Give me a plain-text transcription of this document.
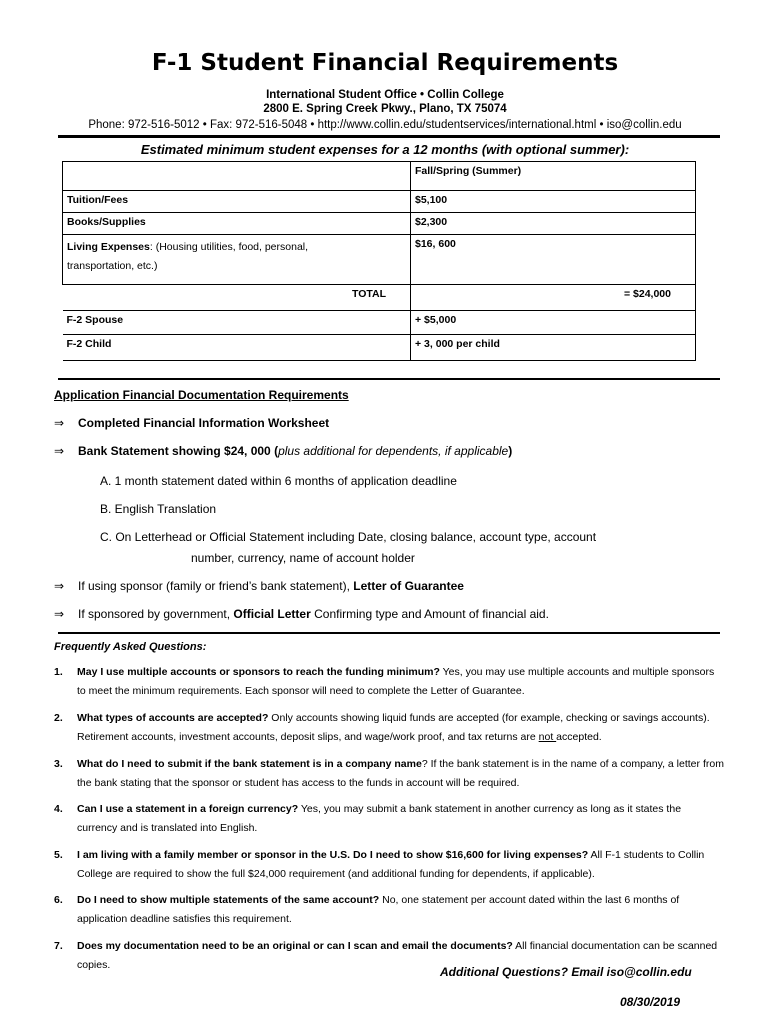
F-1 Student Financial Requirements
International Student Office • Collin College
2800 E. Spring Creek Pkwy., Plano, TX 75074
Phone: 972-516-5012 • Fax: 972-516-5048 • http://www.collin.edu/studentservices/international.html • iso@collin.edu
Estimated minimum student expenses for a 12 months (with optional summer):
	Fall/Spring (Summer)
Tuition/Fees	$5,100
Books/Supplies	$2,300
Living Expenses: (Housing utilities, food, personal,
transportation, etc.)	$16, 600
TOTAL	= $24,000
F-2 Spouse	+ $5,000
F-2 Child	+ 3, 000 per child
Application Financial Documentation Requirements
⇒ Completed Financial Information Worksheet
⇒ Bank Statement showing $24, 000 (plus additional for dependents, if applicable)
A. 1 month statement dated within 6 months of application deadline
B. English Translation
C. On Letterhead or Official Statement including Date, closing balance, account type, account
number, currency, name of account holder
⇒ If using sponsor (family or friend’s bank statement), Letter of Guarantee
⇒ If sponsored by government, Official Letter Confirming type and Amount of financial aid.
Frequently Asked Questions:
1. May I use multiple accounts or sponsors to reach the funding minimum? Yes, you may use multiple accounts and multiple sponsors to meet the minimum requirements. Each sponsor will need to complete the Letter of Guarantee.
2. What types of accounts are accepted? Only accounts showing liquid funds are accepted (for example, checking or savings accounts). Retirement accounts, investment accounts, deposit slips, and wage/work proof, and tax returns are not accepted.
3. What do I need to submit if the bank statement is in a company name? If the bank statement is in the name of a company, a letter from the bank stating that the sponsor or student has access to the funds in account will be required.
4. Can I use a statement in a foreign currency? Yes, you may submit a bank statement in another currency as long as it states the currency and is translated into English.
5. I am living with a family member or sponsor in the U.S. Do I need to show $16,600 for living expenses? All F-1 students to Collin College are required to show the full $24,000 requirement (and additional funding for dependents, if applicable).
6. Do I need to show multiple statements of the same account? No, one statement per account dated within the last 6 months of application deadline satisfies this requirement.
7. Does my documentation need to be an original or can I scan and email the documents? All financial documentation can be scanned copies.	Additional Questions? Email iso@collin.edu
08/30/2019
